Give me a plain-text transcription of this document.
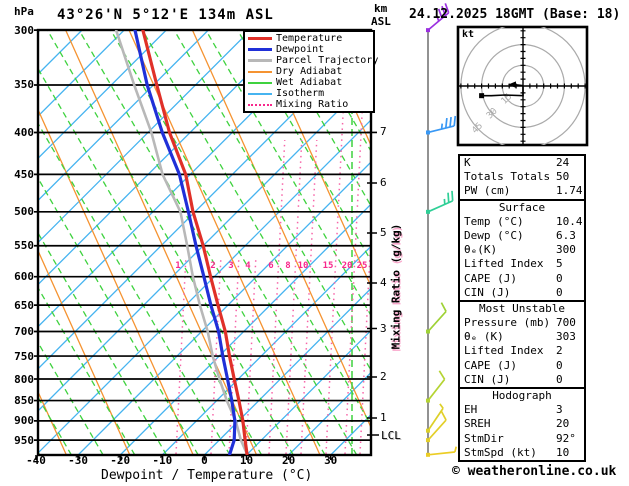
15
30
45
hPa 43°26'N 5°12'E 134m ASL	km
ASL 24.12.2025 18GMT (Base: 18)
Temperature
Dewpoint
Parcel Trajectory
Dry Adiabat
Wet Adiabat
Isotherm
Mixing Ratio
300
350
400
450
500
550
600
650
700
750
800
850
900
950
-40	-30	-20	-10	0	10	20	30
7
6
5
4
3
2
1
1	2	3	4	6	8 10	15 20 25
Dewpoint / Temperature (°C)
Mixing Ratio (g/kg)
LCL
kt
K	24
Totals Totals 50
PW (cm)	1.74
Surface
Temp (°C)	10.4
Dewp (°C)	6.3
θₑ(K)	300
Lifted Index 5
CAPE (J)	0
CIN (J)	0
Most Unstable
Pressure (mb) 700
θₑ (K)	303
Lifted Index 2
CAPE (J)	0
CIN (J)	0
Hodograph
EH	3
SREH	20
StmDir	92°
StmSpd (kt) 10
© weatheronline.co.uk
